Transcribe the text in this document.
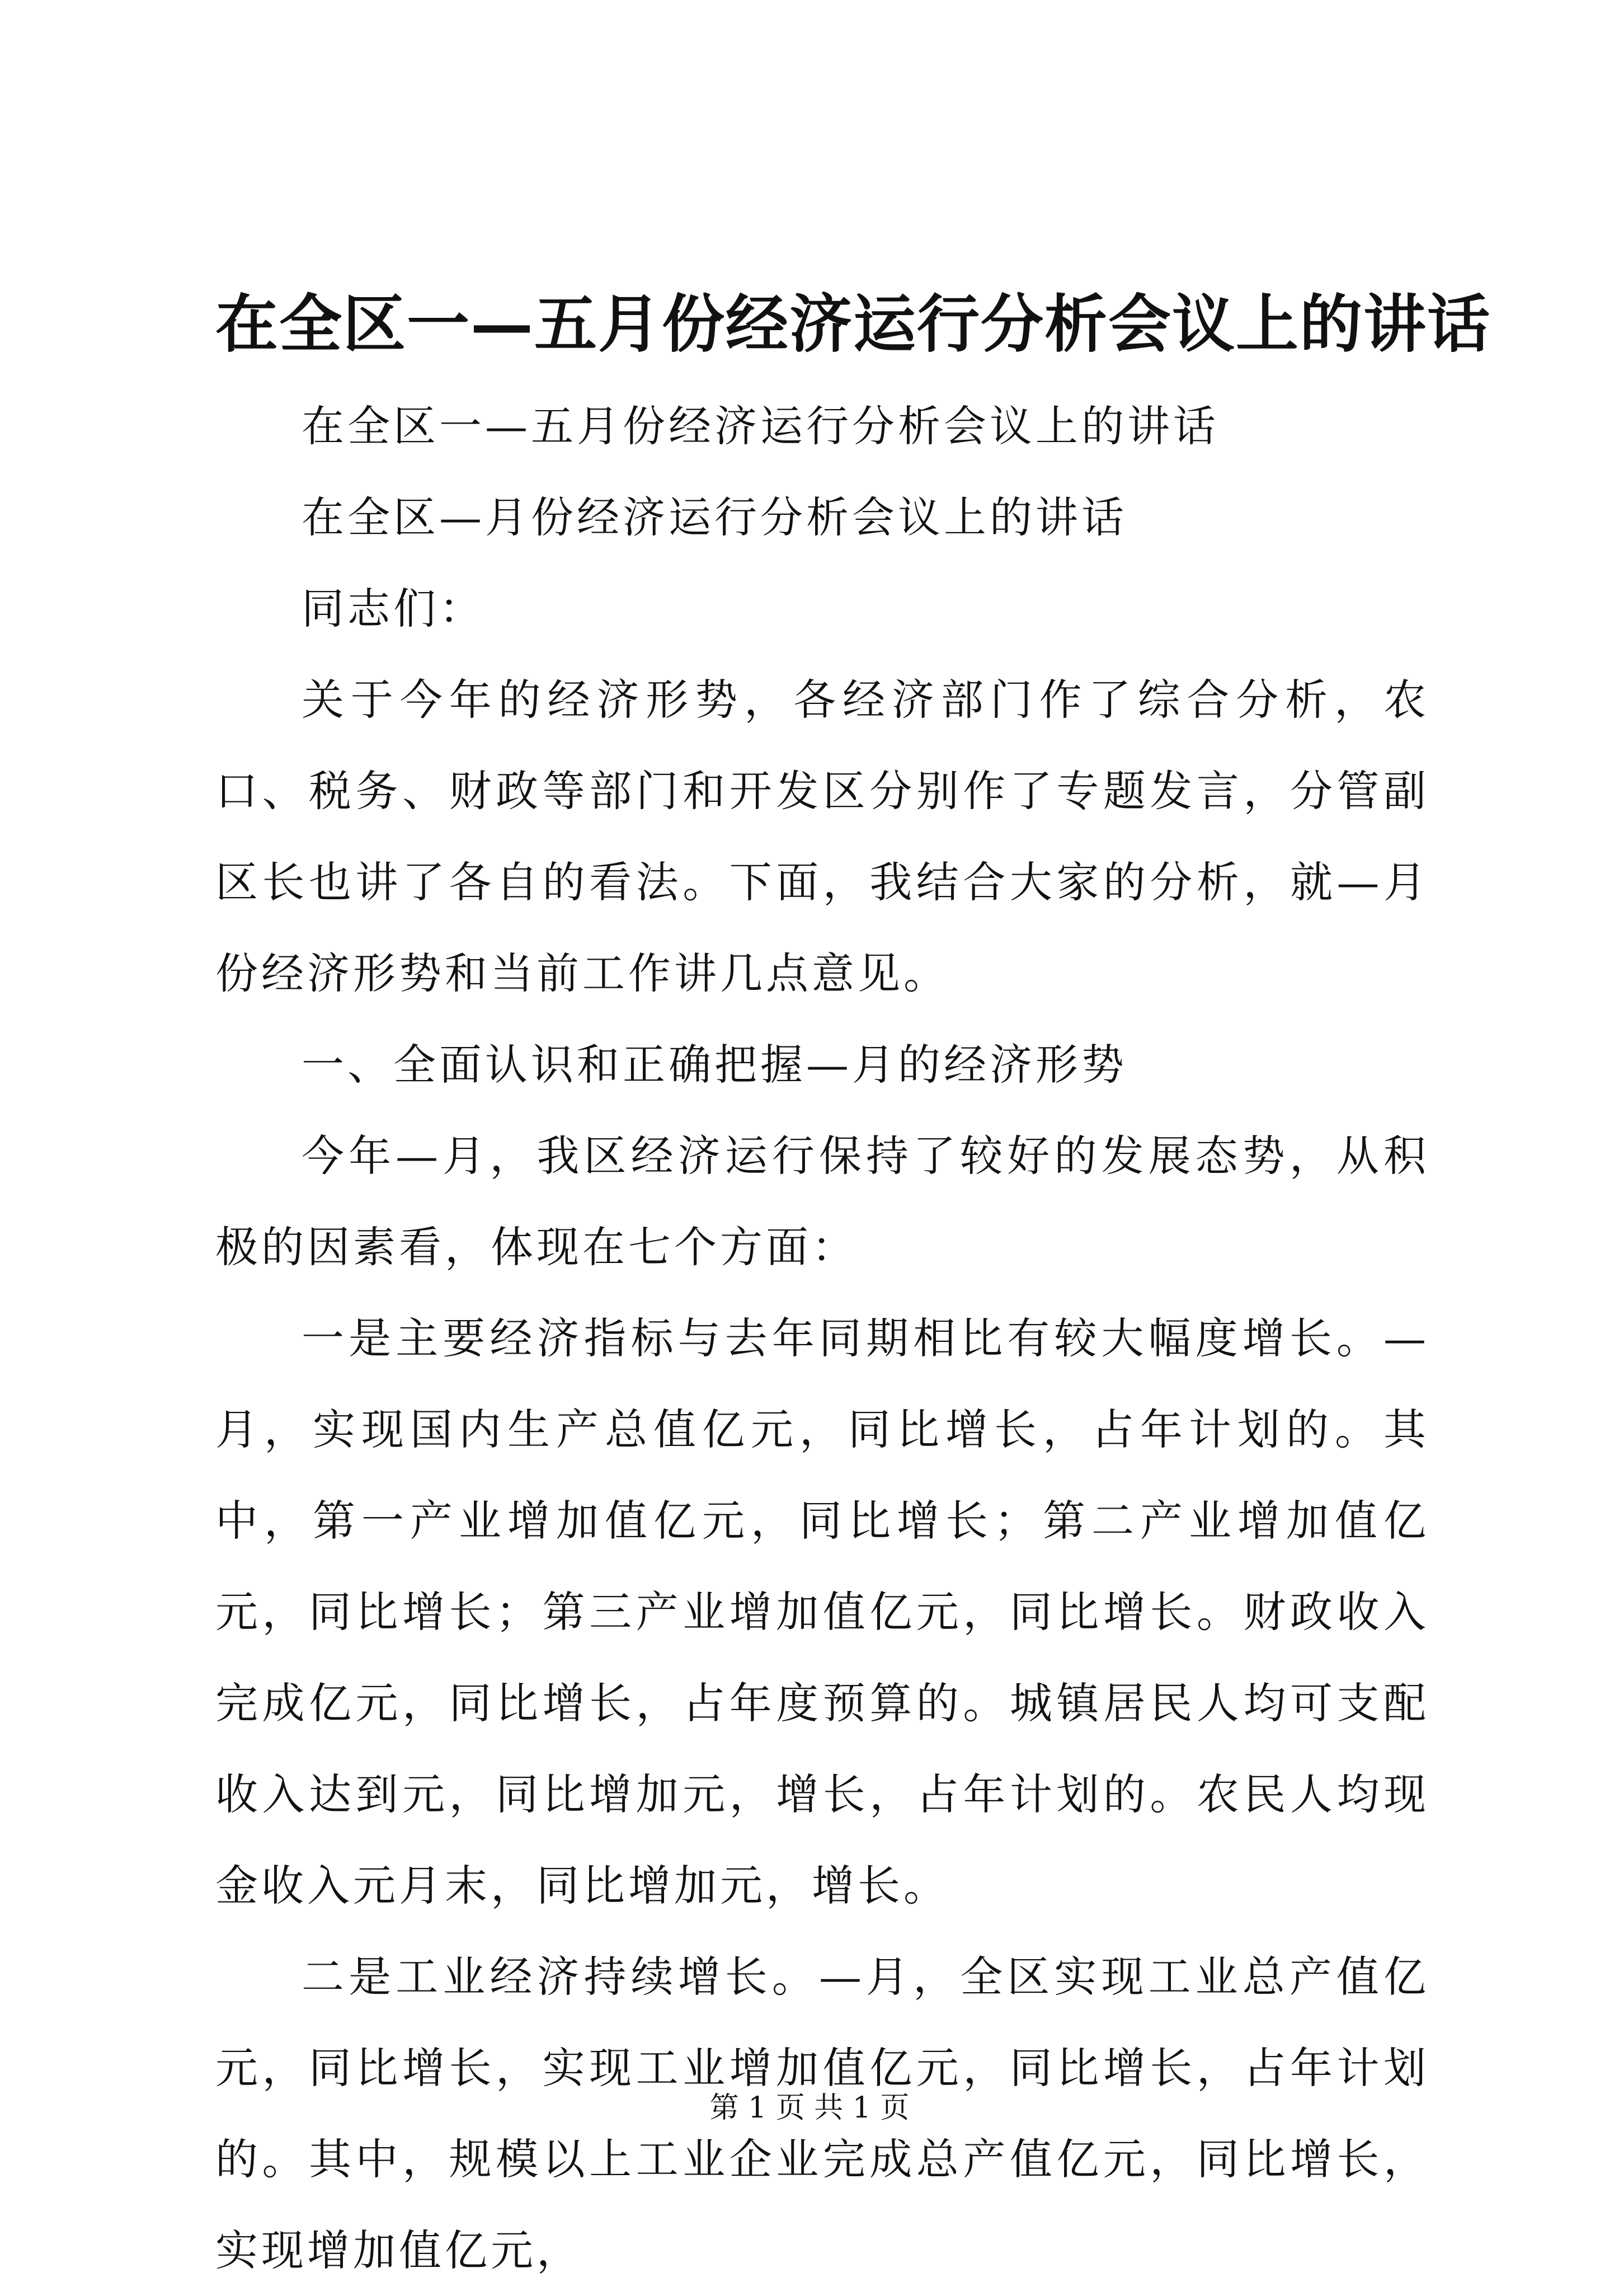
在全区一—五月份经济运行分析会议上的讲话

在全区一—五月份经济运行分析会议上的讲话

在全区—月份经济运行分析会议上的讲话

同志们：

关于今年的经济形势，各经济部门作了综合分析，农口、税务、财政等部门和开发区分别作了专题发言，分管副区长也讲了各自的看法。下面，我结合大家的分析，就—月份经济形势和当前工作讲几点意见。

一、全面认识和正确把握—月的经济形势

今年—月，我区经济运行保持了较好的发展态势，从积极的因素看，体现在七个方面：

一是主要经济指标与去年同期相比有较大幅度增长。—月，实现国内生产总值亿元，同比增长，占年计划的。其中，第一产业增加值亿元，同比增长；第二产业增加值亿元，同比增长；第三产业增加值亿元，同比增长。财政收入完成亿元，同比增长，占年度预算的。城镇居民人均可支配收入达到元，同比增加元，增长，占年计划的。农民人均现金收入元月末，同比增加元，增长。

二是工业经济持续增长。—月，全区实现工业总产值亿元，同比增长，实现工业增加值亿元，同比增长，占年计划的。其中，规模以上工业企业完成总产值亿元，同比增长，实现增加值亿元，

第 1 页 共 1 页
